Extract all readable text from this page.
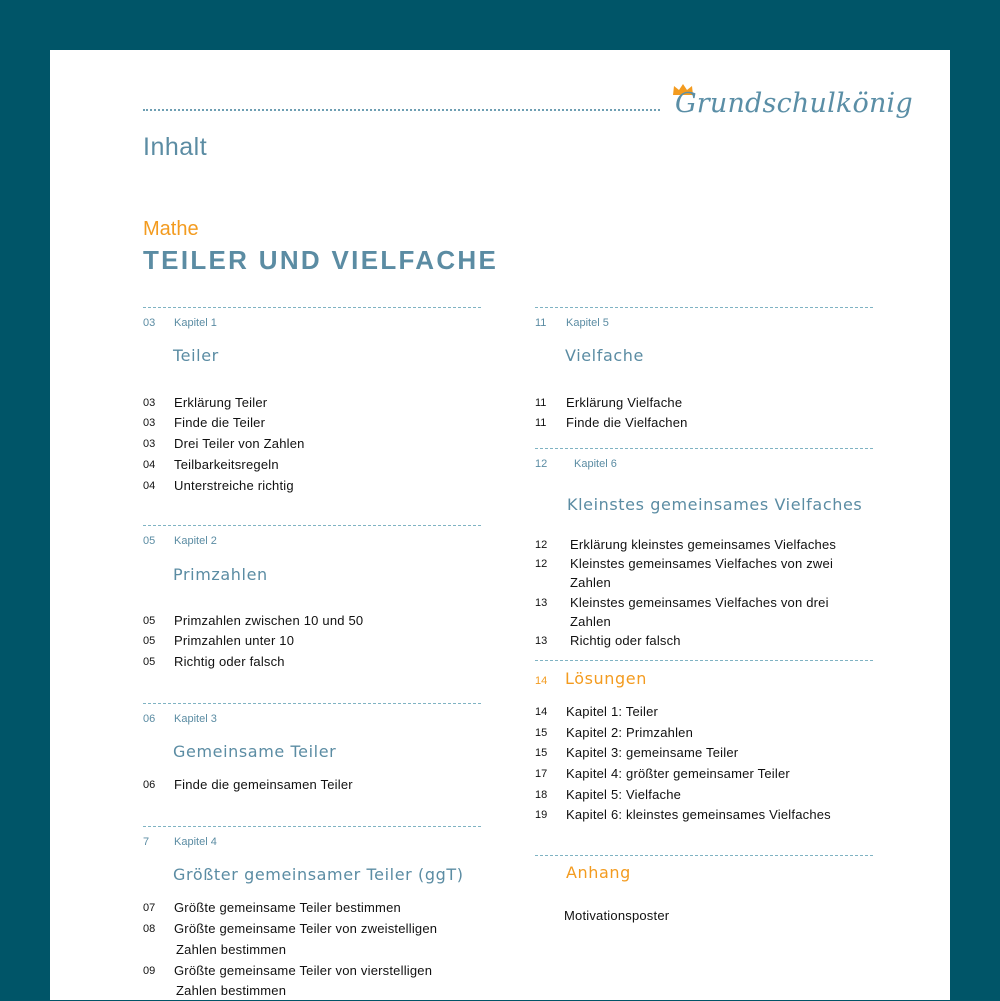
Grundschulkönig
Inhalt
Mathe
TEILER UND VIELFACHE
03 Kapitel 1
Teiler
03 Erklärung Teiler
03 Finde die Teiler
03 Drei Teiler von Zahlen
04 Teilbarkeitsregeln
04 Unterstreiche richtig
05 Kapitel 2
Primzahlen
05 Primzahlen zwischen 10 und 50
05 Primzahlen unter 10
05 Richtig oder falsch
06 Kapitel 3
Gemeinsame Teiler
06 Finde die gemeinsamen Teiler
7 Kapitel 4
Größter gemeinsamer Teiler (ggT)
07 Größte gemeinsame Teiler bestimmen
08 Größte gemeinsame Teiler von zweistelligen
Zahlen bestimmen
09 Größte gemeinsame Teiler von vierstelligen
Zahlen bestimmen
11 Kapitel 5
Vielfache
11 Erklärung Vielfache
11 Finde die Vielfachen
12 Kapitel 6
Kleinstes gemeinsames Vielfaches
12 Erklärung kleinstes gemeinsames Vielfaches
12 Kleinstes gemeinsames Vielfaches von zwei
Zahlen
13 Kleinstes gemeinsames Vielfaches von drei
Zahlen
13 Richtig oder falsch
14 Lösungen
14 Kapitel 1: Teiler
15 Kapitel 2: Primzahlen
15 Kapitel 3: gemeinsame Teiler
17 Kapitel 4: größter gemeinsamer Teiler
18 Kapitel 5: Vielfache
19 Kapitel 6: kleinstes gemeinsames Vielfaches
Anhang
Motivationsposter
